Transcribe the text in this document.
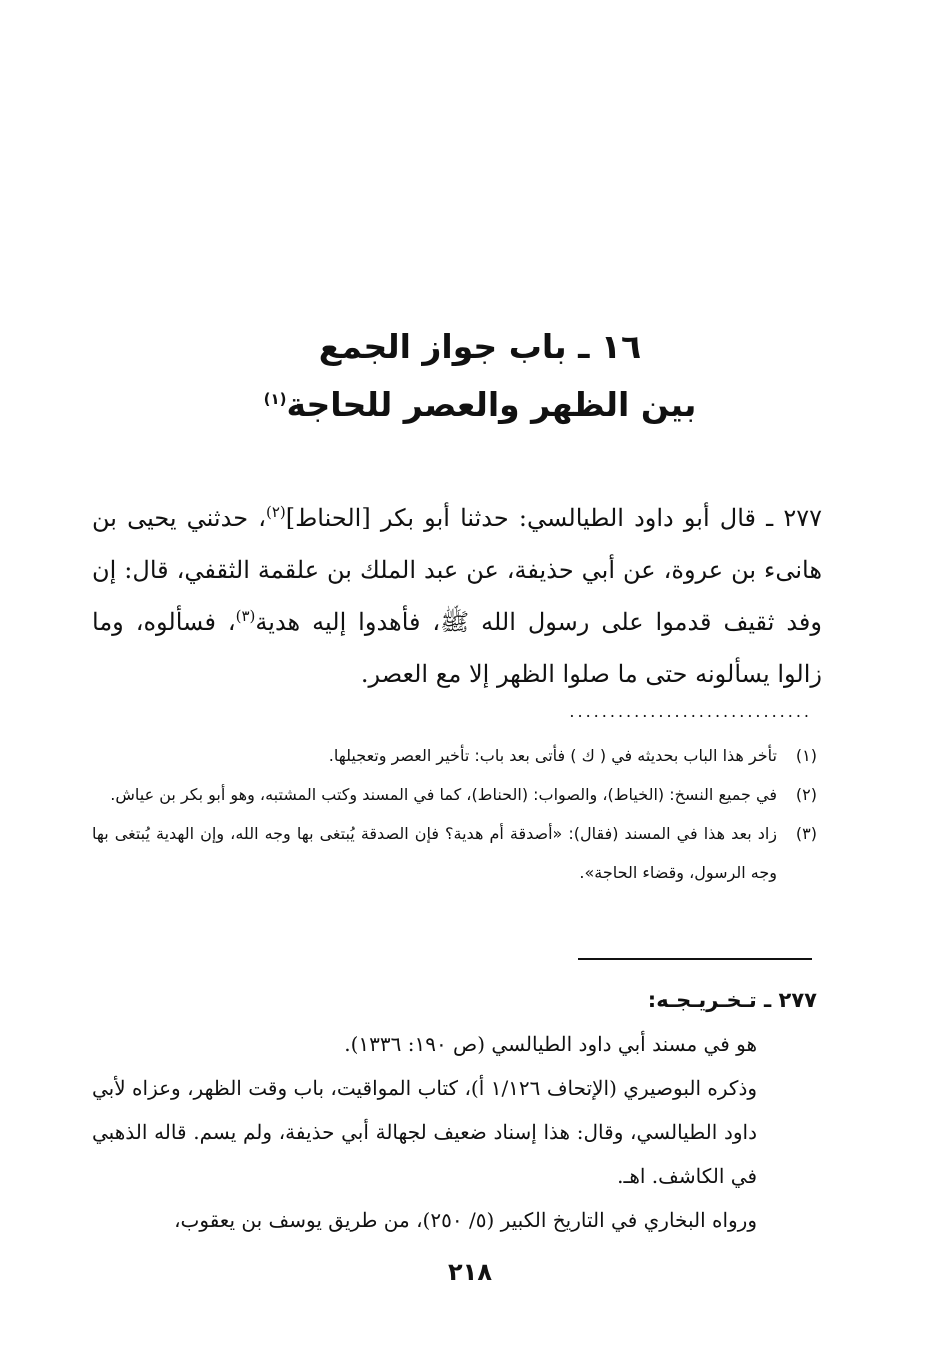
١٦ ـ باب جواز الجمع
بين الظهر والعصر للحاجة$^{(١)}$

٢٧٧ ـ قال أبو داود الطيالسي: حدثنا أبو بكر [الحناط]$^{(٢)}$، حدثني يحيى بن هانىء بن عروة، عن أبي حذيفة، عن عبد الملك بن علقمة الثقفي، قال: إن وفد ثقيف قدموا على رسول الله ﷺ، فأهدوا إليه هدية$^{(٣)}$، فسألوه، وما زالوا يسألونه حتى ما صلوا الظهر إلا مع العصر.

..............................
(١)
تأخر هذا الباب بحديثه في ( ك ) فأتى بعد باب: تأخير العصر وتعجيلها.
(٢)
في جميع النسخ: (الخياط)، والصواب: (الحناط)، كما في المسند وكتب المشتبه، وهو أبو بكر بن عياش.
(٣)
زاد بعد هذا في المسند (فقال): «أصدقة أم هدية؟ فإن الصدقة يُبتغى بها وجه الله، وإن الهدية يُبتغى بها وجه الرسول، وقضاء الحاجة».

٢٧٧ ـ تـخـريـجـه:

هو في مسند أبي داود الطيالسي (ص ١٩٠: ١٣٣٦).

وذكره البوصيري (الإتحاف ١/١٢٦ أ)، كتاب المواقيت، باب وقت الظهر، وعزاه لأبي داود الطيالسي، وقال: هذا إسناد ضعيف لجهالة أبي حذيفة، ولم يسم. قاله الذهبي في الكاشف. اهـ.

ورواه البخاري في التاريخ الكبير (٥/ ٢٥٠)، من طريق يوسف بن يعقوب،

٢١٨
